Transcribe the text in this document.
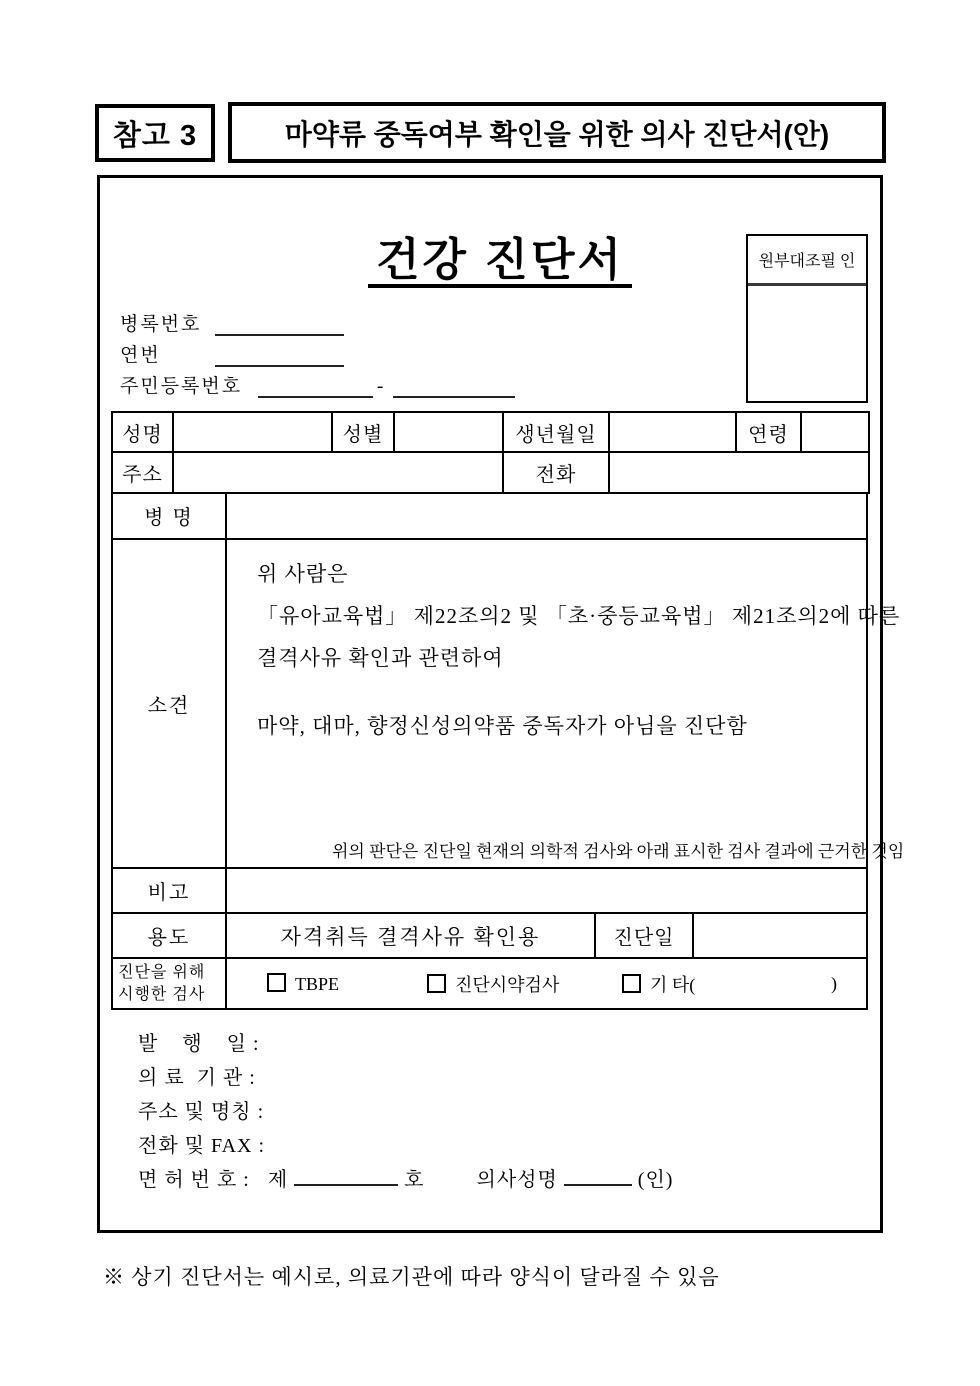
참고 3	마약류 중독여부 확인을 위한 의사 진단서(안)
건강 진단서	원부대조필 인
병록번호
연번
주민등록번호	-
성명		성별		생년월일		연령	
주소				전화			
병 명
소견

위 사람은

「유아교육법」 제22조의2 및 「초·중등교육법」 제21조의2에 따른

결격사유 확인과 관련하여

마약, 대마, 향정신성의약품 중독자가 아님을 진단함

위의 판단은 진단일 현재의 의학적 검사와 아래 표시한 검사 결과에 근거한 것임
비고
용도	자격취득 결격사유 확인용	진단일
진단을 위해
시행한 검사
TBPE	진단시약검사	기 타(	)
발    행    일 :
의 료  기 관 :
주소 및 명칭 :
전화 및 FAX :
면 허 번 호 :   제	호	의사성명	(인)
※ 상기 진단서는 예시로, 의료기관에 따라 양식이 달라질 수 있음
